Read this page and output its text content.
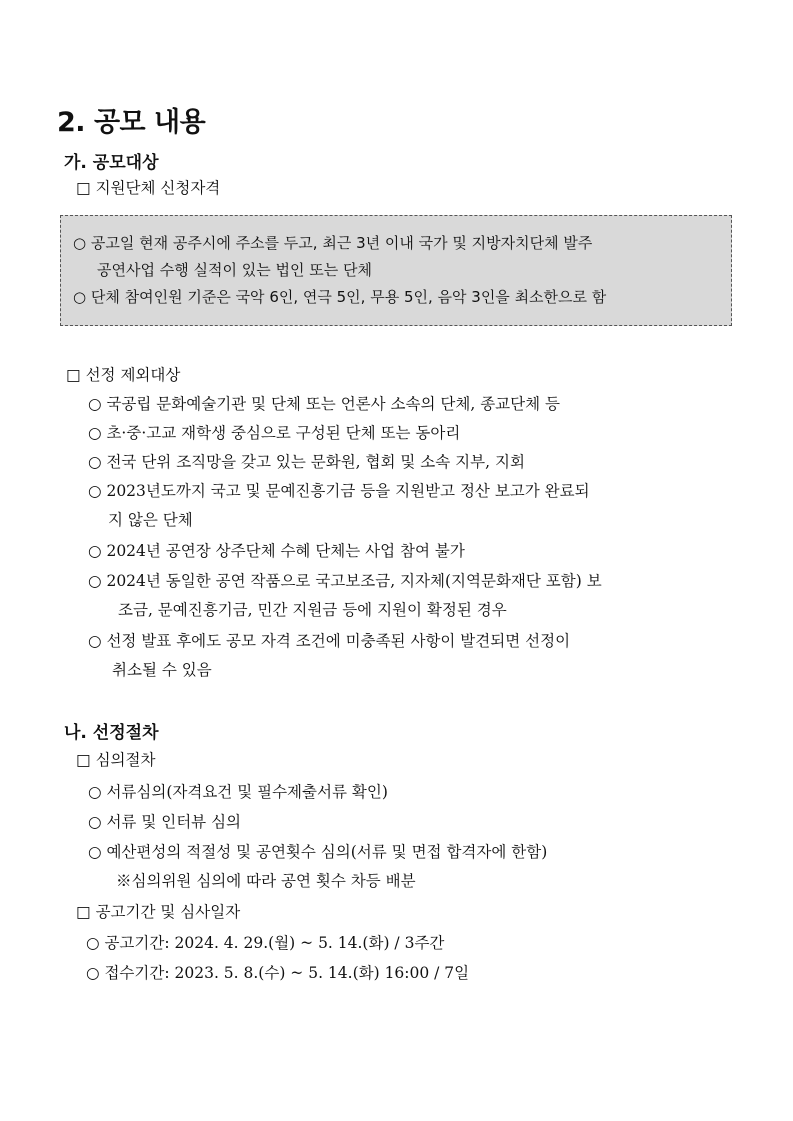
2. 공모 내용
가. 공모대상
□ 지원단체 신청자격
○ 공고일 현재 공주시에 주소를 두고, 최근 3년 이내 국가 및 지방자치단체 발주
공연사업 수행 실적이 있는 법인 또는 단체
○ 단체 참여인원 기준은 국악 6인, 연극 5인, 무용 5인, 음악 3인을 최소한으로 함
□ 선정 제외대상
○ 국공립 문화예술기관 및 단체 또는 언론사 소속의 단체, 종교단체 등
○ 초·중·고교 재학생 중심으로 구성된 단체 또는 동아리
○ 전국 단위 조직망을 갖고 있는 문화원, 협회 및 소속 지부, 지회
○ 2023년도까지 국고 및 문예진흥기금 등을 지원받고 정산 보고가 완료되
지 않은 단체
○ 2024년 공연장 상주단체 수혜 단체는 사업 참여 불가
○ 2024년 동일한 공연 작품으로 국고보조금, 지자체(지역문화재단 포함) 보
조금, 문예진흥기금, 민간 지원금 등에 지원이 확정된 경우
○ 선정 발표 후에도 공모 자격 조건에 미충족된 사항이 발견되면 선정이
취소될 수 있음
나. 선정절차
□ 심의절차
○ 서류심의(자격요건 및 필수제출서류 확인)
○ 서류 및 인터뷰 심의
○ 예산편성의 적절성 및 공연횟수 심의(서류 및 면접 합격자에 한함)
※심의위원 심의에 따라 공연 횟수 차등 배분
□ 공고기간 및 심사일자
○ 공고기간: 2024. 4. 29.(월) ~ 5. 14.(화) / 3주간
○ 접수기간: 2023. 5. 8.(수) ~ 5. 14.(화) 16:00 / 7일
